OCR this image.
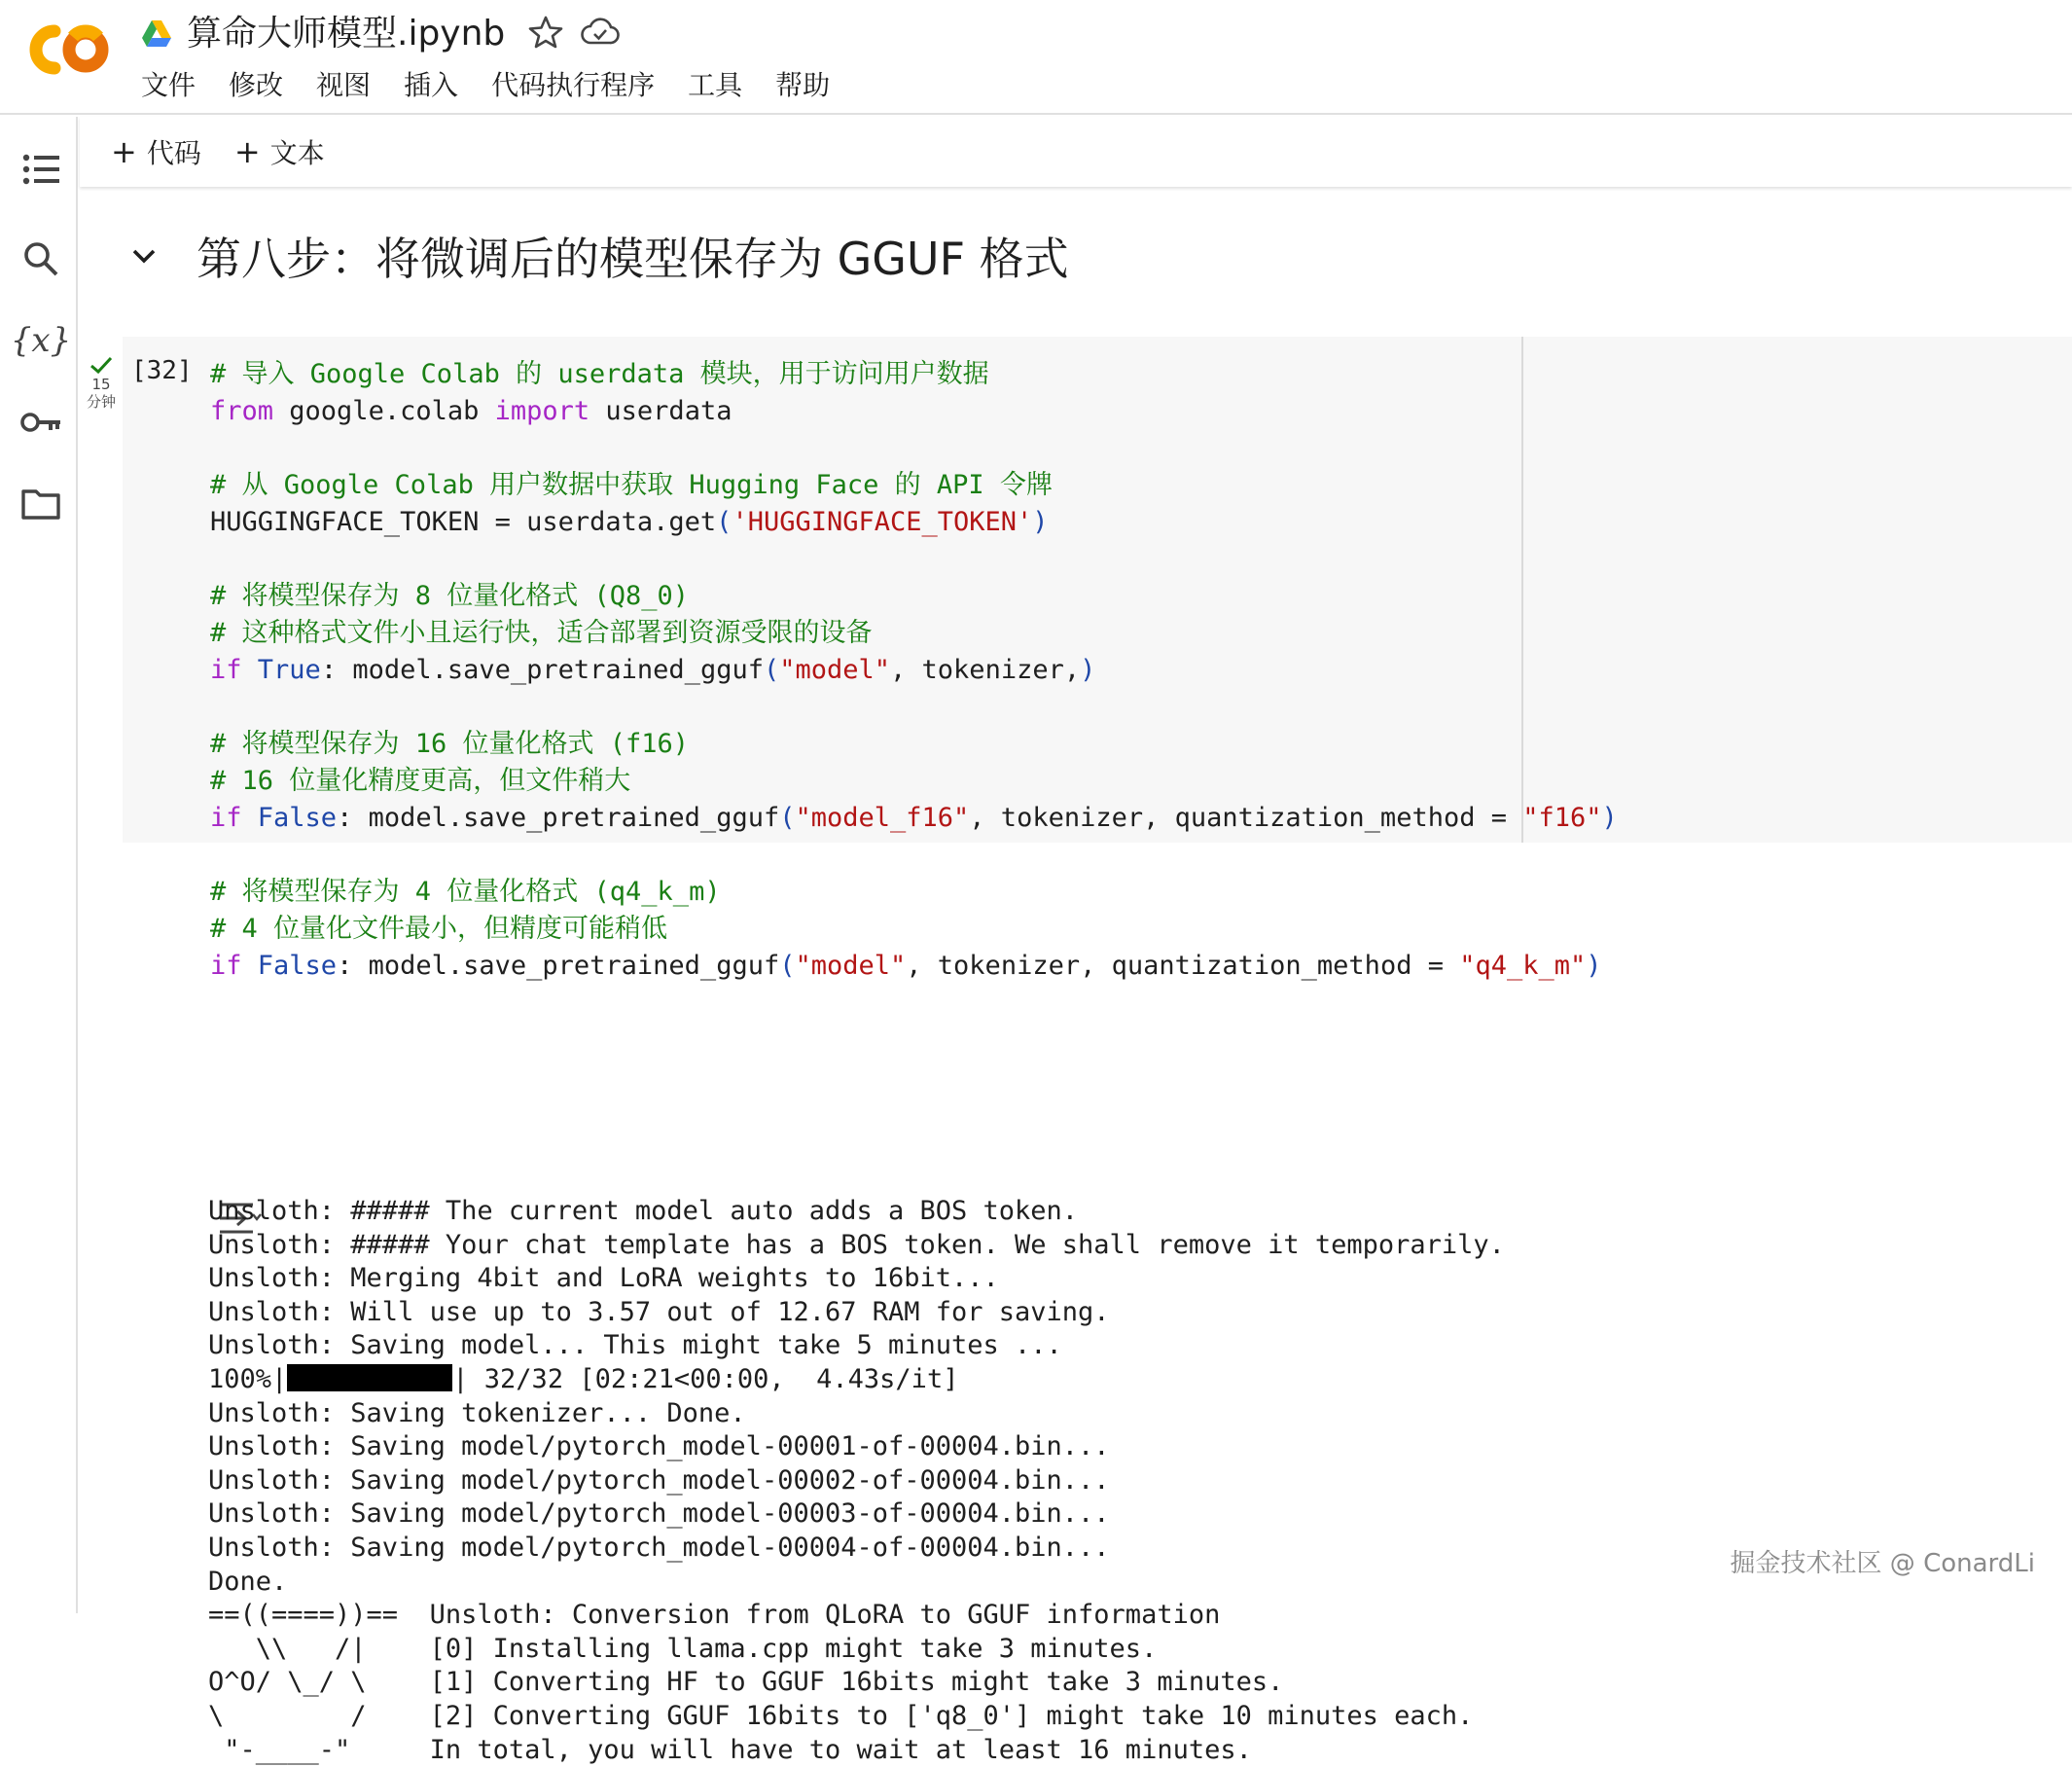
算命大师模型.ipynb
文件	修改	视图	插入	代码执行程序	工具	帮助
{x}
+ 代码 + 文本
第八步：将微调后的模型保存为 GGUF 格式
15
分钟
[32] # 导入 Google Colab 的 userdata 模块，用于访问用户数据
from google.colab import userdata

# 从 Google Colab 用户数据中获取 Hugging Face 的 API 令牌
HUGGINGFACE_TOKEN = userdata.get('HUGGINGFACE_TOKEN')

# 将模型保存为 8 位量化格式 (Q8_0)
# 这种格式文件小且运行快，适合部署到资源受限的设备
if True: model.save_pretrained_gguf("model", tokenizer,)

# 将模型保存为 16 位量化格式 (f16)
# 16 位量化精度更高，但文件稍大
if False: model.save_pretrained_gguf("model_f16", tokenizer, quantization_method = "f16")

# 将模型保存为 4 位量化格式 (q4_k_m)
# 4 位量化文件最小，但精度可能稍低
if False: model.save_pretrained_gguf("model", tokenizer, quantization_method = "q4_k_m")
Unsloth: ##### The current model auto adds a BOS token.
Unsloth: ##### Your chat template has a BOS token. We shall remove it temporarily.
Unsloth: Merging 4bit and LoRA weights to 16bit...
Unsloth: Will use up to 3.57 out of 12.67 RAM for saving.
Unsloth: Saving model... This might take 5 minutes ...
100%|	| 32/32 [02:21<00:00,  4.43s/it]
Unsloth: Saving tokenizer... Done.
Unsloth: Saving model/pytorch_model-00001-of-00004.bin...
Unsloth: Saving model/pytorch_model-00002-of-00004.bin...
Unsloth: Saving model/pytorch_model-00003-of-00004.bin...
Unsloth: Saving model/pytorch_model-00004-of-00004.bin...
Done.
==((====))==  Unsloth: Conversion from QLoRA to GGUF information
\\   /|    [0] Installing llama.cpp might take 3 minutes.
O^O/ \_/ \    [1] Converting HF to GGUF 16bits might take 3 minutes.
\        /    [2] Converting GGUF 16bits to ['q8_0'] might take 10 minutes each.
"-____-"     In total, you will have to wait at least 16 minutes.
掘金技术社区 @ ConardLi
